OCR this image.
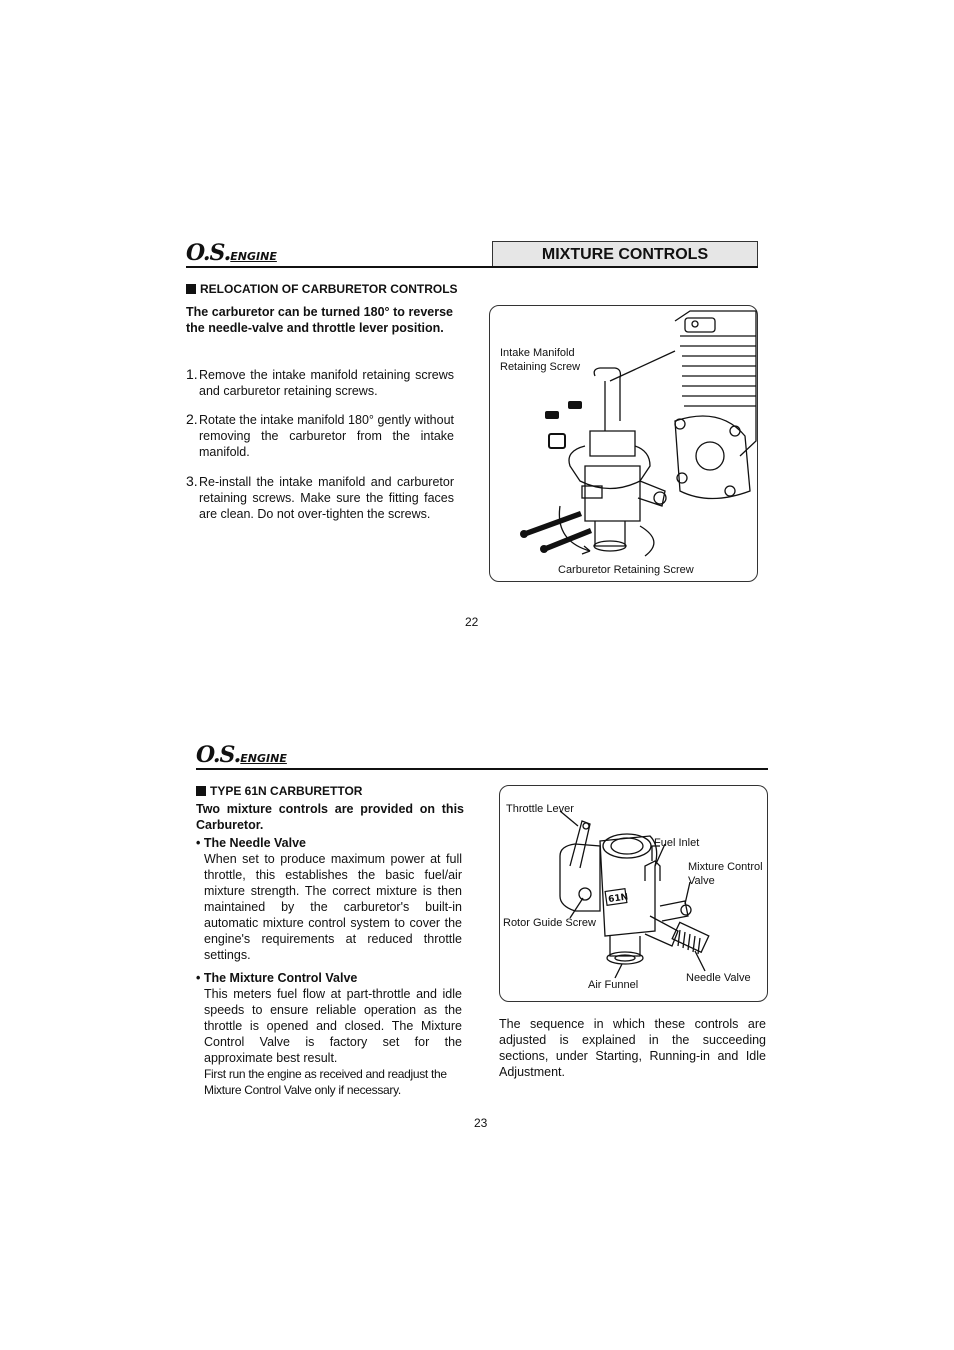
O.S.ENGINE	MIXTURE CONTROLS
RELOCATION OF CARBURETOR CONTROLS
The carburetor can be turned 180° to reverse the needle-valve and throttle lever position.
1. Remove the intake manifold retaining screws and carburetor retaining screws.
2. Rotate the intake manifold 180° gently without removing the carburetor from the intake manifold.
3. Re-install the intake manifold and carburetor retaining screws. Make sure the fitting faces are clean. Do not over-tighten the screws.
Intake Manifold
Retaining Screw
Carburetor Retaining Screw
22
O.S.ENGINE
TYPE 61N CARBURETTOR
Two mixture controls are provided on this Carburetor.
• The Needle Valve
When set to produce maximum power at full throttle, this establishes the basic fuel/air mixture strength. The correct mixture is then maintained by the carburetor's built-in automatic mixture control system to cover the engine's requirements at reduced throttle settings.
• The Mixture Control Valve
This meters fuel flow at part-throttle and idle speeds to ensure reliable operation as the throttle is opened and closed. The Mixture Control Valve is factory set for the approximate best result.
First run the engine as received and readjust the Mixture Control Valve only if necessary.
Throttle Lever
Fuel Inlet
Mixture Control
Valve
Rotor Guide Screw
Needle Valve
Air Funnel
61N
The sequence in which these controls are adjusted is explained in the succeeding sections, under Starting, Running-in and Idle Adjustment.
23
